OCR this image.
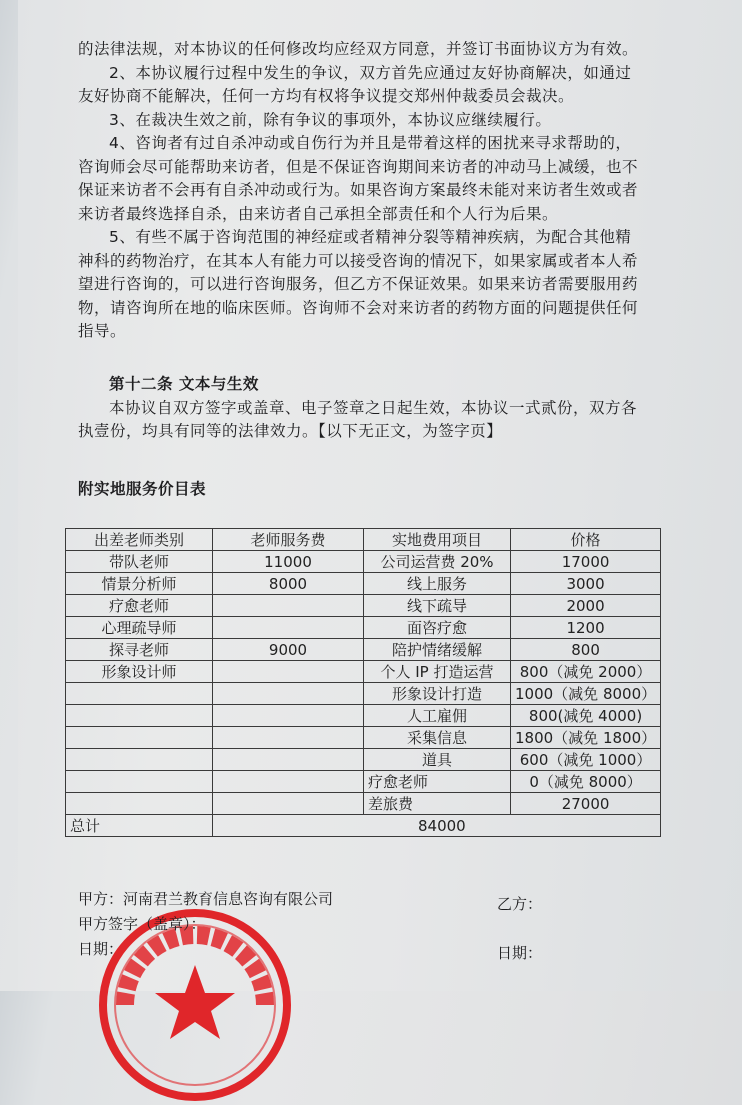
的法律法规，对本协议的任何修改均应经双方同意，并签订书面协议方为有效。
2、本协议履行过程中发生的争议，双方首先应通过友好协商解决，如通过
友好协商不能解决，任何一方均有权将争议提交郑州仲裁委员会裁决。
3、在裁决生效之前，除有争议的事项外，本协议应继续履行。
4、咨询者有过自杀冲动或自伤行为并且是带着这样的困扰来寻求帮助的，
咨询师会尽可能帮助来访者，但是不保证咨询期间来访者的冲动马上减缓，也不
保证来访者不会再有自杀冲动或行为。如果咨询方案最终未能对来访者生效或者
来访者最终选择自杀，由来访者自己承担全部责任和个人行为后果。
5、有些不属于咨询范围的神经症或者精神分裂等精神疾病，为配合其他精
神科的药物治疗，在其本人有能力可以接受咨询的情况下，如果家属或者本人希
望进行咨询的，可以进行咨询服务，但乙方不保证效果。如果来访者需要服用药
物，请咨询所在地的临床医师。咨询师不会对来访者的药物方面的问题提供任何
指导。
第十二条 文本与生效
本协议自双方签字或盖章、电子签章之日起生效，本协议一式贰份，双方各
执壹份，均具有同等的法律效力。【以下无正文，为签字页】
附实地服务价目表
出差老师类别	老师服务费	实地费用项目	价格
带队老师	11000	公司运营费 20%	17000
情景分析师	8000	线上服务	3000
疗愈老师		线下疏导	2000
心理疏导师		面咨疗愈	1200
探寻老师	9000	陪护情绪缓解	800
形象设计师		个人 IP 打造运营	800（减免 2000）
		形象设计打造	1000（减免 8000）
		人工雇佣	800(减免 4000)
		采集信息	1800（减免 1800）
		道具	600（减免 1000）
		疗愈老师	0（减免 8000）
		差旅费	27000
总计	84000		
甲方：河南君兰教育信息咨询有限公司
甲方签字（盖章）：
日期：
乙方：
日期：
